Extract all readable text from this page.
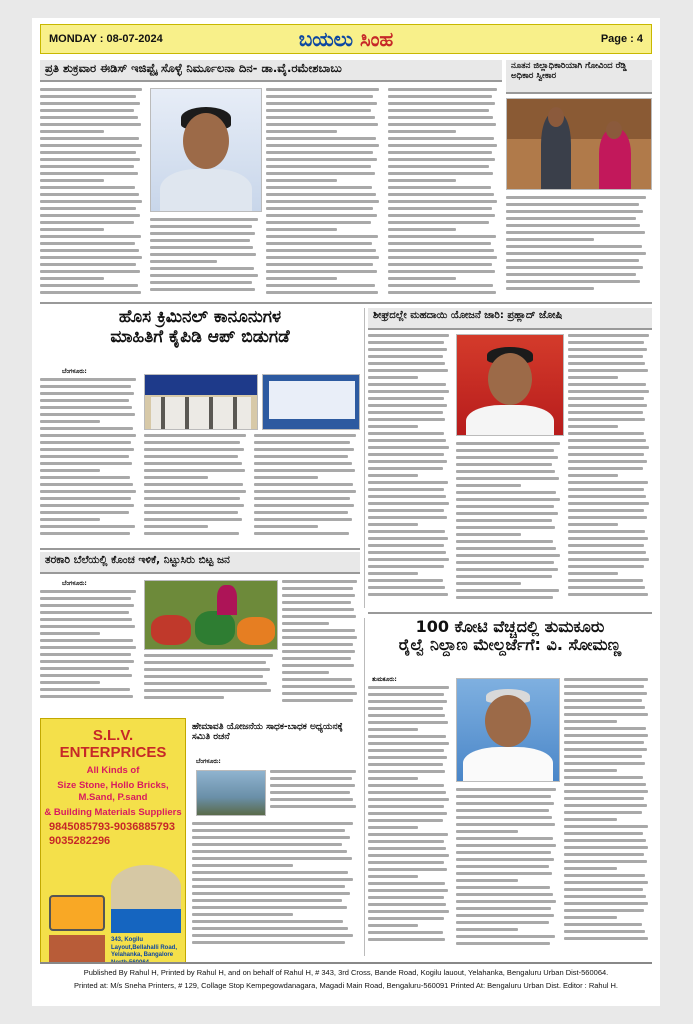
MONDAY : 08-07-2024	ಬಯಲು ಸಿಂಹ	Page : 4
ಪ್ರತಿ ಶುಕ್ರವಾರ ಈಡಿಸ್ ಇಜಿಪ್ಟೈ ಸೊಳ್ಳೆ ನಿರ್ಮೂಲನಾ ದಿನ- ಡಾ.ವೈ.ರಮೇಶಬಾಬು	ನೂತನ ಜಿಲ್ಲಾಧಿಕಾರಿಯಾಗಿ ಗೋವಿಂದ ರೆಡ್ಡಿ ಅಧಿಕಾರ ಸ್ವೀಕಾರ
ಹೊಸ ಕ್ರಿಮಿನಲ್ ಕಾನೂನುಗಳ
ಮಾಹಿತಿಗೆ ಕೈಪಿಡಿ ಆಪ್ ಬಿಡುಗಡೆ
ಬೆಂಗಳೂರು:
ಶೀಘ್ರದಲ್ಲೇ ಮಹದಾಯಿ ಯೋಜನೆ ಜಾರಿ: ಪ್ರಹ್ಲಾದ್ ಜೋಷಿ
ತರಕಾರಿ ಬೆಲೆಯಲ್ಲಿ ಕೊಂಚ ಇಳಿಕೆ, ನಿಟ್ಟುಸಿರು ಬಿಟ್ಟ ಜನ
ಬೆಂಗಳೂರು:
100 ಕೋಟಿ ವೆಚ್ಚದಲ್ಲಿ ತುಮಕೂರು
ರೈಲ್ವೆ ನಿಲ್ದಾಣ ಮೇಲ್ದರ್ಜೆಗೆ: ವಿ. ಸೋಮಣ್ಣ
ತುಮಕೂರು:
S.L.V. ENTERPRICES
All Kinds of
Size Stone, Hollo Bricks, M.Sand, P.sand
& Building Materials Suppliers
9845085793-9036885793
9035282296
343, Kogilu Layout,Bellahalli Road, Yelahanka, Bangalore
ಹೇಮಾವತಿ ಯೋಜನೆಯ ಸಾಧಕ-ಬಾಧಕ ಅಧ್ಯಯನಕ್ಕೆ ಸಮಿತಿ ರಚನೆ
ಬೆಂಗಳೂರು:
Published By Rahul H, Printed by Rahul H, and on behalf of Rahul H, # 343, 3rd Cross, Bande Road, Kogilu lauout, Yelahanka, Bengaluru Urban Dist-560064.
Printed at: M/s Sneha Printers, # 129, Collage Stop Kempegowdanagara, Magadi Main Road, Bengaluru-560091 Printed At: Bengaluru Urban Dist. Editor : Rahul H.
